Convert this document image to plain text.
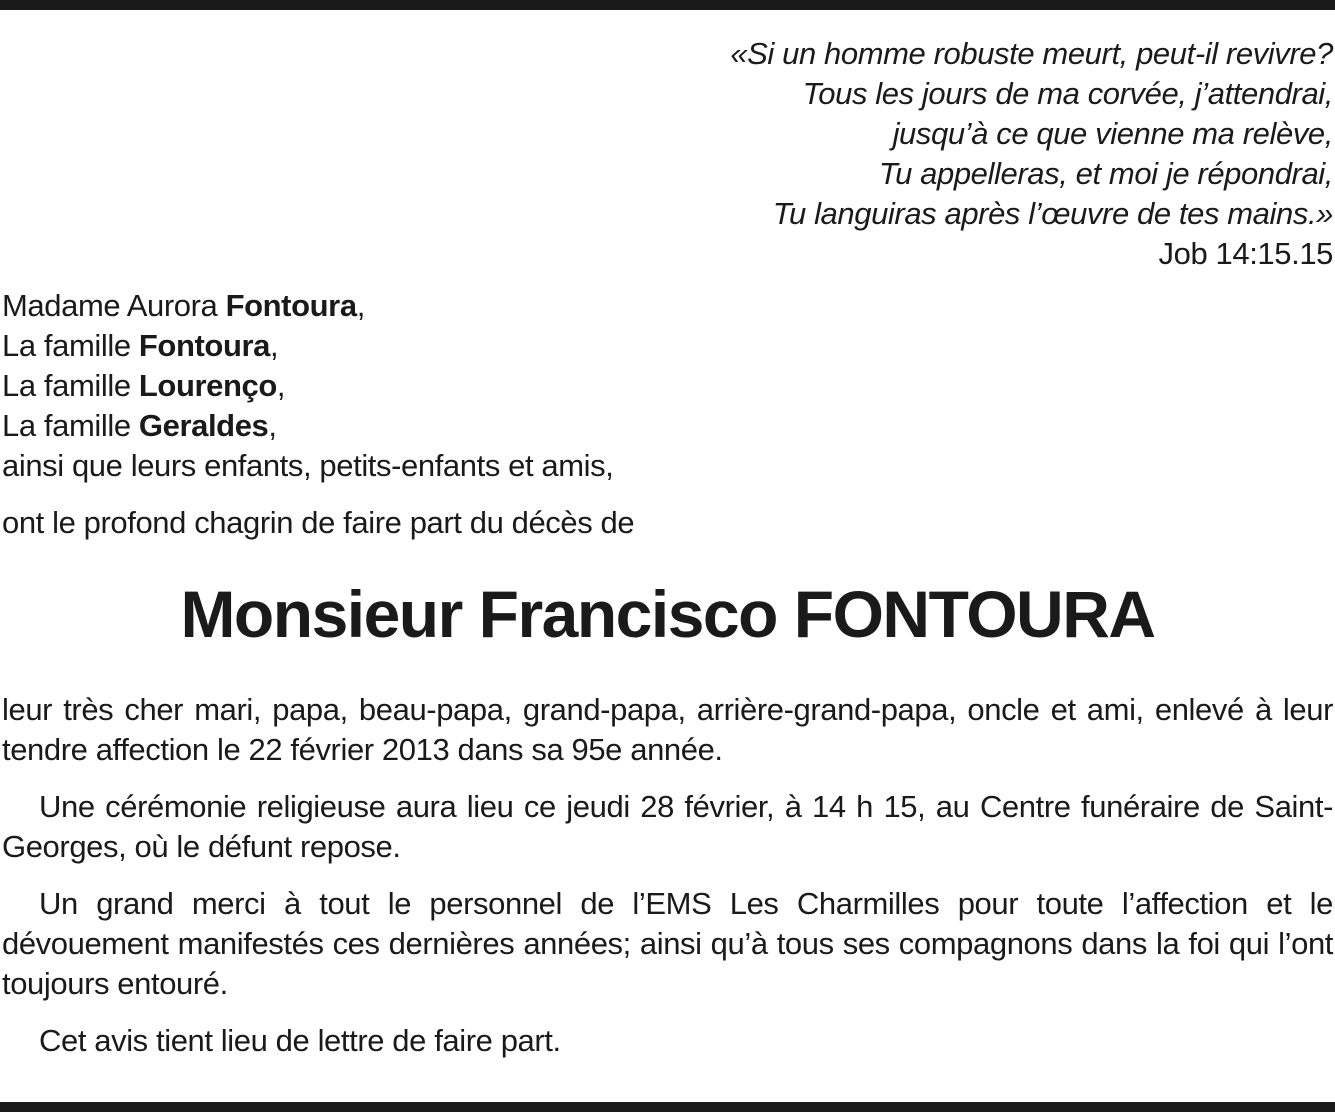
«Si un homme robuste meurt, peut-il revivre?
Tous les jours de ma corvée, j’attendrai,
jusqu’à ce que vienne ma relève,
Tu appelleras, et moi je répondrai,
Tu languiras après l’œuvre de tes mains.»
Job 14:15.15
Madame Aurora Fontoura,
La famille Fontoura,
La famille Lourenço,
La famille Geraldes,
ainsi que leurs enfants, petits-enfants et amis,
ont le profond chagrin de faire part du décès de
Monsieur Francisco FONTOURA

leur très cher mari, papa, beau-papa, grand-papa, arrière-grand-papa, oncle et ami, enlevé à leur tendre affection le 22 février 2013 dans sa 95e année.

Une cérémonie religieuse aura lieu ce jeudi 28 février, à 14 h 15, au Centre funéraire de Saint-Georges, où le défunt repose.

Un grand merci à tout le personnel de l’EMS Les Charmilles pour toute l’affection et le dévouement manifestés ces dernières années; ainsi qu’à tous ses compagnons dans la foi qui l’ont toujours entouré.

Cet avis tient lieu de lettre de faire part.
